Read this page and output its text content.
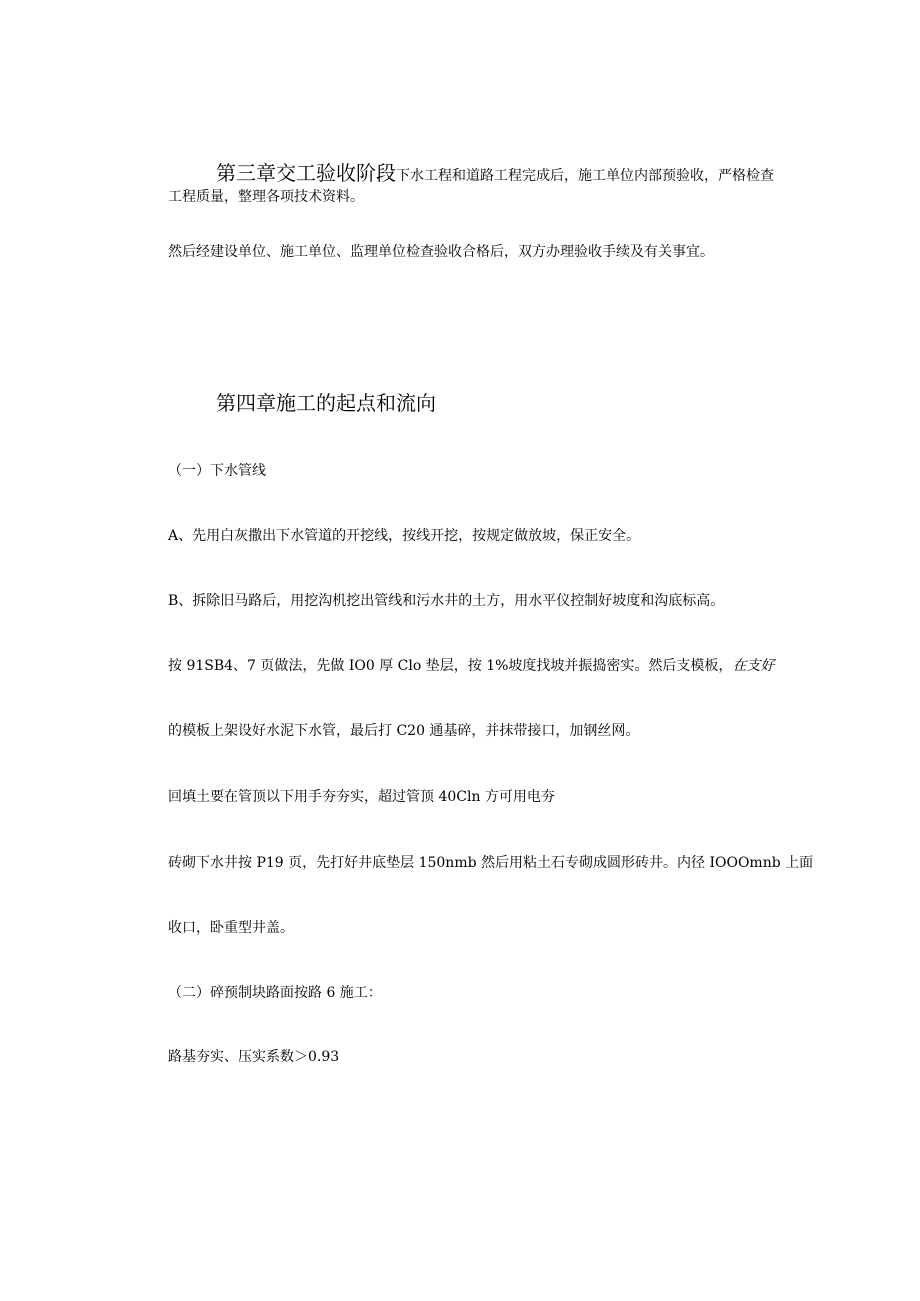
第三章交工验收阶段下水工程和道路工程完成后，施工单位内部预验收，严格检查
工程质量，整理各项技术资料。
然后经建设单位、施工单位、监理单位检查验收合格后，双方办理验收手续及有关事宜。
第四章施工的起点和流向
（一）下水管线
A、先用白灰撒出下水管道的开挖线，按线开挖，按规定做放坡，保正安全。
B、拆除旧马路后，用挖沟机挖出管线和污水井的土方，用水平仪控制好坡度和沟底标高。
按 91SB4、7 页做法，先做 IO0 厚 Clo 垫层，按 1%坡度找坡并振捣密实。然后支模板，在支好
的模板上架设好水泥下水管，最后打 C20 通基碎，并抹带接口，加钢丝网。
回填土要在管顶以下用手夯夯实，超过管顶 40Cln 方可用电夯
砖砌下水井按 P19 页，先打好井底垫层 150nmb 然后用粘土石专砌成圆形砖井。内径 IOOOmnb 上面
收口，卧重型井盖。
（二）碎预制块路面按路 6 施工：
路基夯实、压实系数＞0.93
